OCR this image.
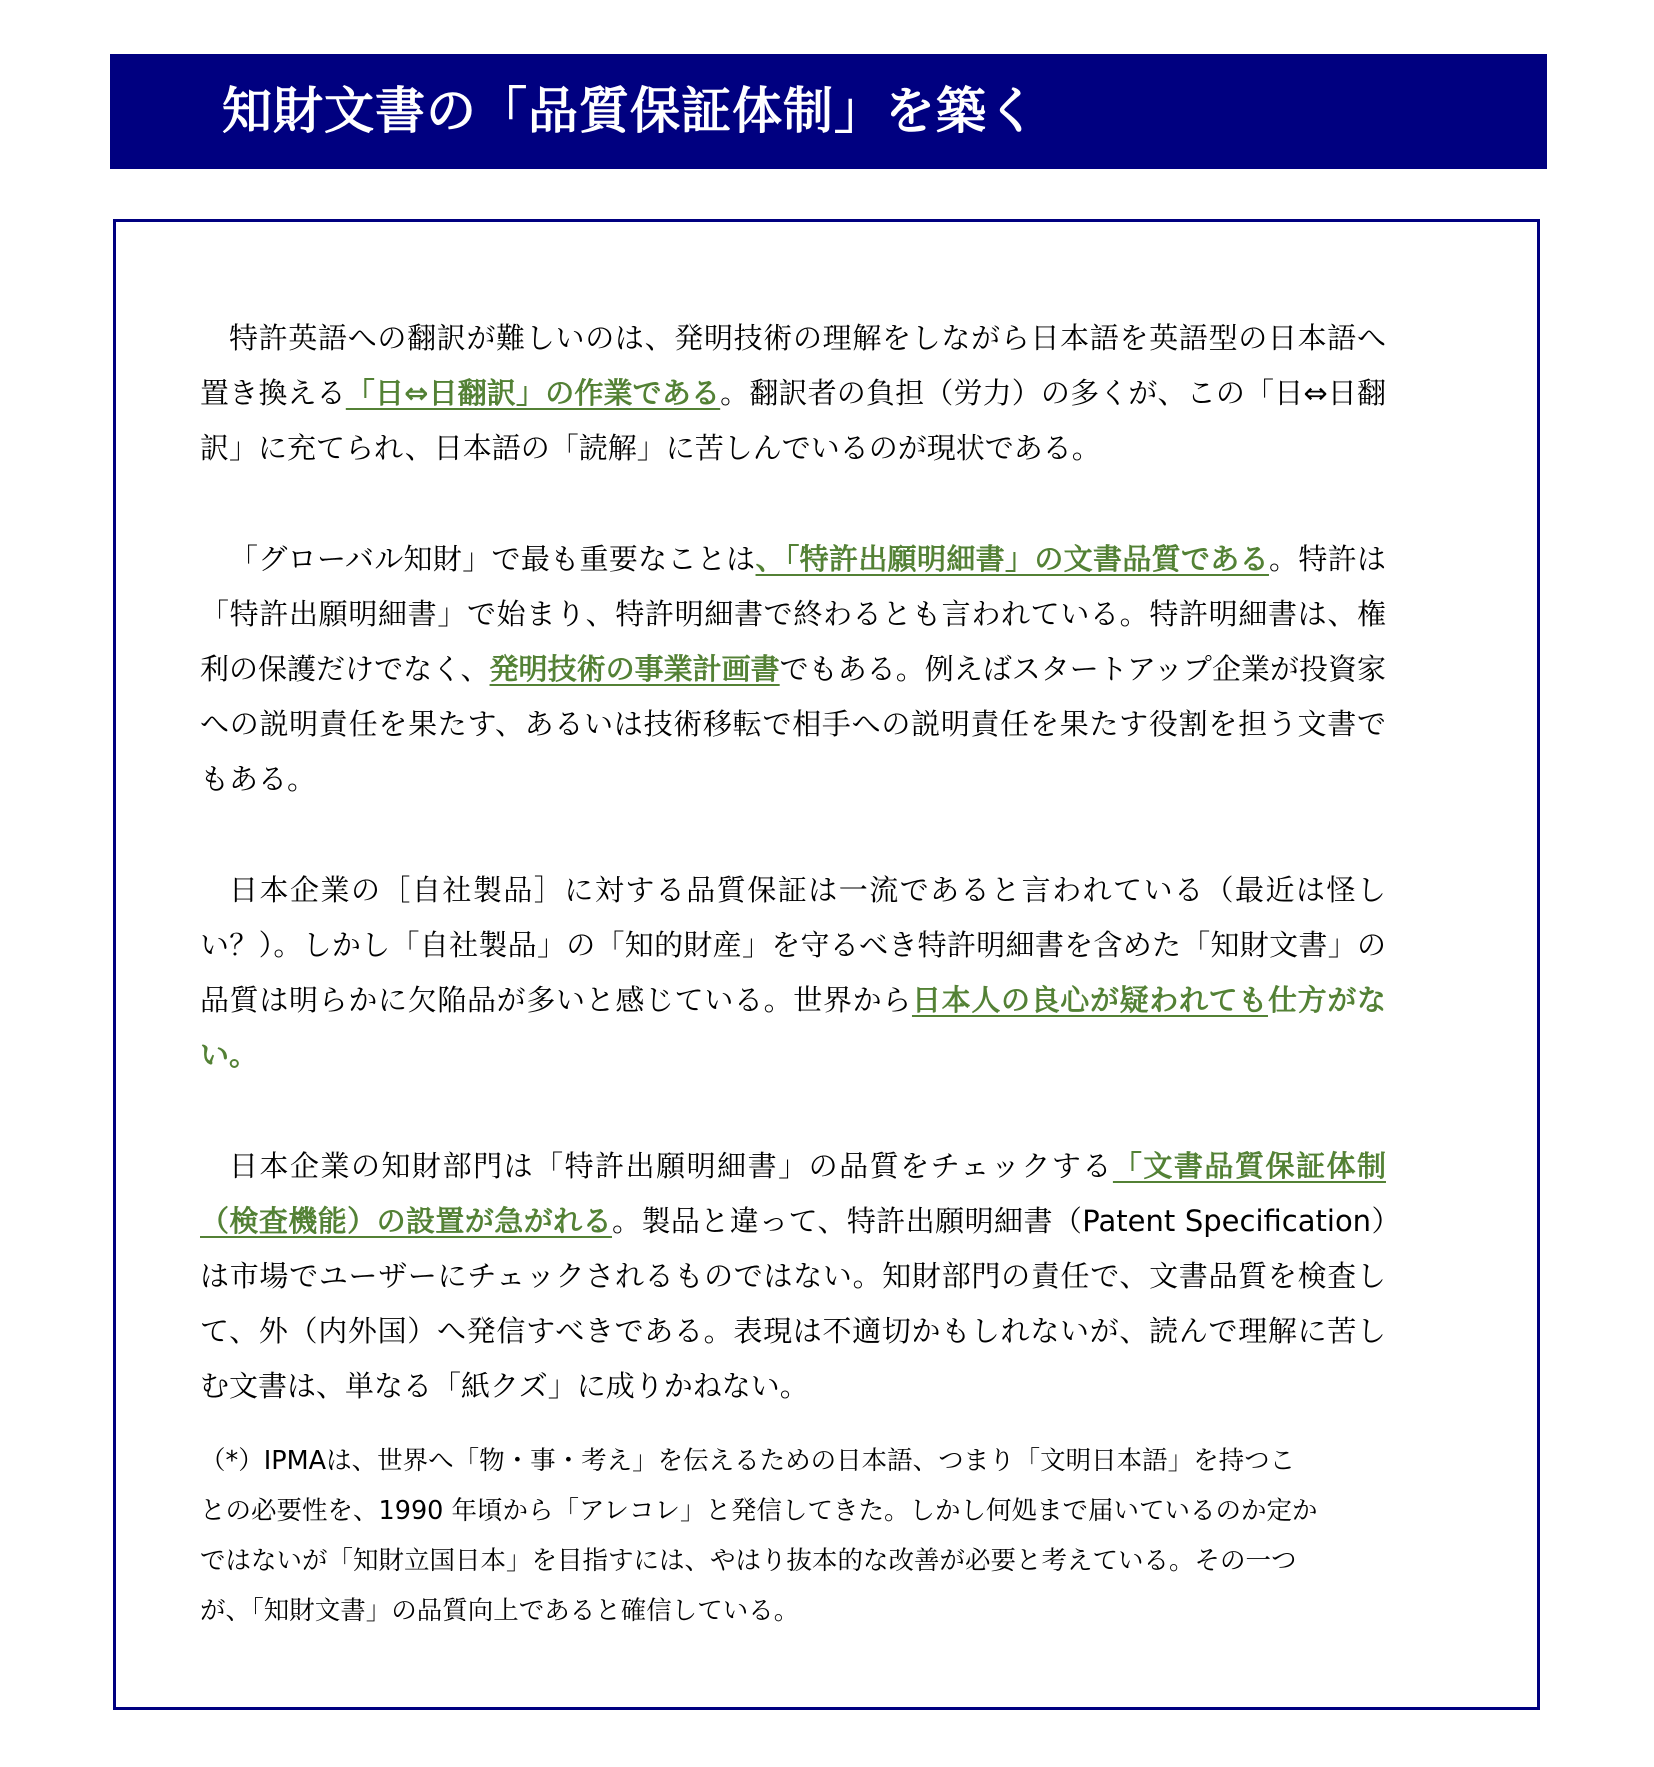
知財文書の「品質保証体制」を築く

特許英語への翻訳が難しいのは、発明技術の理解をしながら日本語を英語型の日本語へ置き換える「日⇔日翻訳」の作業である。翻訳者の負担（労力）の多くが、この「日⇔日翻訳」に充てられ、日本語の「読解」に苦しんでいるのが現状である。

「グローバル知財」で最も重要なことは、「特許出願明細書」の文書品質である。特許は「特許出願明細書」で始まり、特許明細書で終わるとも言われている。特許明細書は、権利の保護だけでなく、発明技術の事業計画書でもある。例えばスタートアップ企業が投資家への説明責任を果たす、あるいは技術移転で相手への説明責任を果たす役割を担う文書でもある。

日本企業の［自社製品］に対する品質保証は一流であると言われている（最近は怪しい？）。しかし「自社製品」の「知的財産」を守るべき特許明細書を含めた「知財文書」の品質は明らかに欠陥品が多いと感じている。世界から日本人の良心が疑われても仕方がない。

日本企業の知財部門は「特許出願明細書」の品質をチェックする「文書品質保証体制（検査機能）の設置が急がれる。製品と違って、特許出願明細書（Patent Specification）は市場でユーザーにチェックされるものではない。知財部門の責任で、文書品質を検査して、外（内外国）へ発信すべきである。表現は不適切かもしれないが、読んで理解に苦しむ文書は、単なる「紙クズ」に成りかねない。

（*）IPMAは、世界へ「物・事・考え」を伝えるための日本語、つまり「文明日本語」を持つことの必要性を、1990 年頃から「アレコレ」と発信してきた。しかし何処まで届いているのか定かではないが「知財立国日本」を目指すには、やはり抜本的な改善が必要と考えている。その一つが、「知財文書」の品質向上であると確信している。
